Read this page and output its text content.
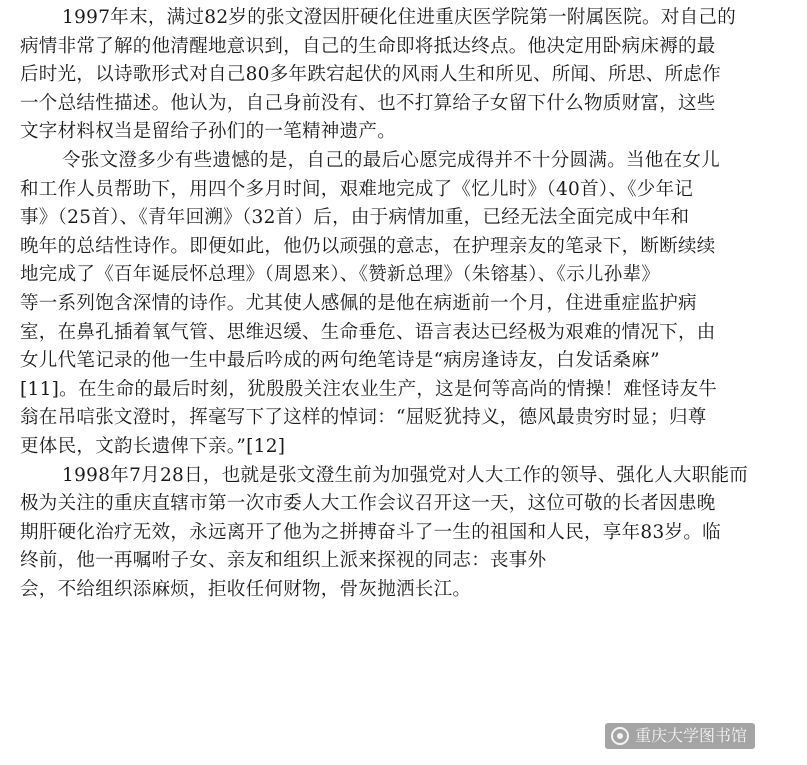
1997年末，满过82岁的张文澄因肝硬化住进重庆医学院第一附属医院。对自己的
病情非常了解的他清醒地意识到，自己的生命即将抵达终点。他决定用卧病床褥的最
后时光，以诗歌形式对自己80多年跌宕起伏的风雨人生和所见、所闻、所思、所虑作
一个总结性描述。他认为，自己身前没有、也不打算给子女留下什么物质财富，这些
文字材料权当是留给子孙们的一笔精神遗产。

令张文澄多少有些遗憾的是，自己的最后心愿完成得并不十分圆满。当他在女儿
和工作人员帮助下，用四个多月时间，艰难地完成了《忆儿时》（40首）、《少年记
事》（25首）、《青年回溯》（32首）后，由于病情加重，已经无法全面完成中年和
晚年的总结性诗作。即便如此，他仍以顽强的意志，在护理亲友的笔录下，断断续续
地完成了《百年诞辰怀总理》（周恩来）、《赞新总理》（朱镕基）、《示儿孙辈》
等一系列饱含深情的诗作。尤其使人感佩的是他在病逝前一个月，住进重症监护病
室，在鼻孔插着氧气管、思维迟缓、生命垂危、语言表达已经极为艰难的情况下，由
女儿代笔记录的他一生中最后吟成的两句绝笔诗是“病房逢诗友，白发话桑麻”
[11]。在生命的最后时刻，犹殷殷关注农业生产，这是何等高尚的情操！难怪诗友牛
翁在吊唁张文澄时，挥毫写下了这样的悼词：“屈贬犹持义，德风最贵穷时显；归尊
更体民，文韵长遗俾下亲。”[12]

1998年7月28日，也就是张文澄生前为加强党对人大工作的领导、强化人大职能而
极为关注的重庆直辖市第一次市委人大工作会议召开这一天，这位可敬的长者因患晚
期肝硬化治疗无效，永远离开了他为之拼搏奋斗了一生的祖国和人民，享年83岁。临
终前，他一再嘱咐子女、亲友和组织上派来探视的同志：丧事外
会，不给组织添麻烦，拒收任何财物，骨灰抛洒长江。

重庆大学图书馆
